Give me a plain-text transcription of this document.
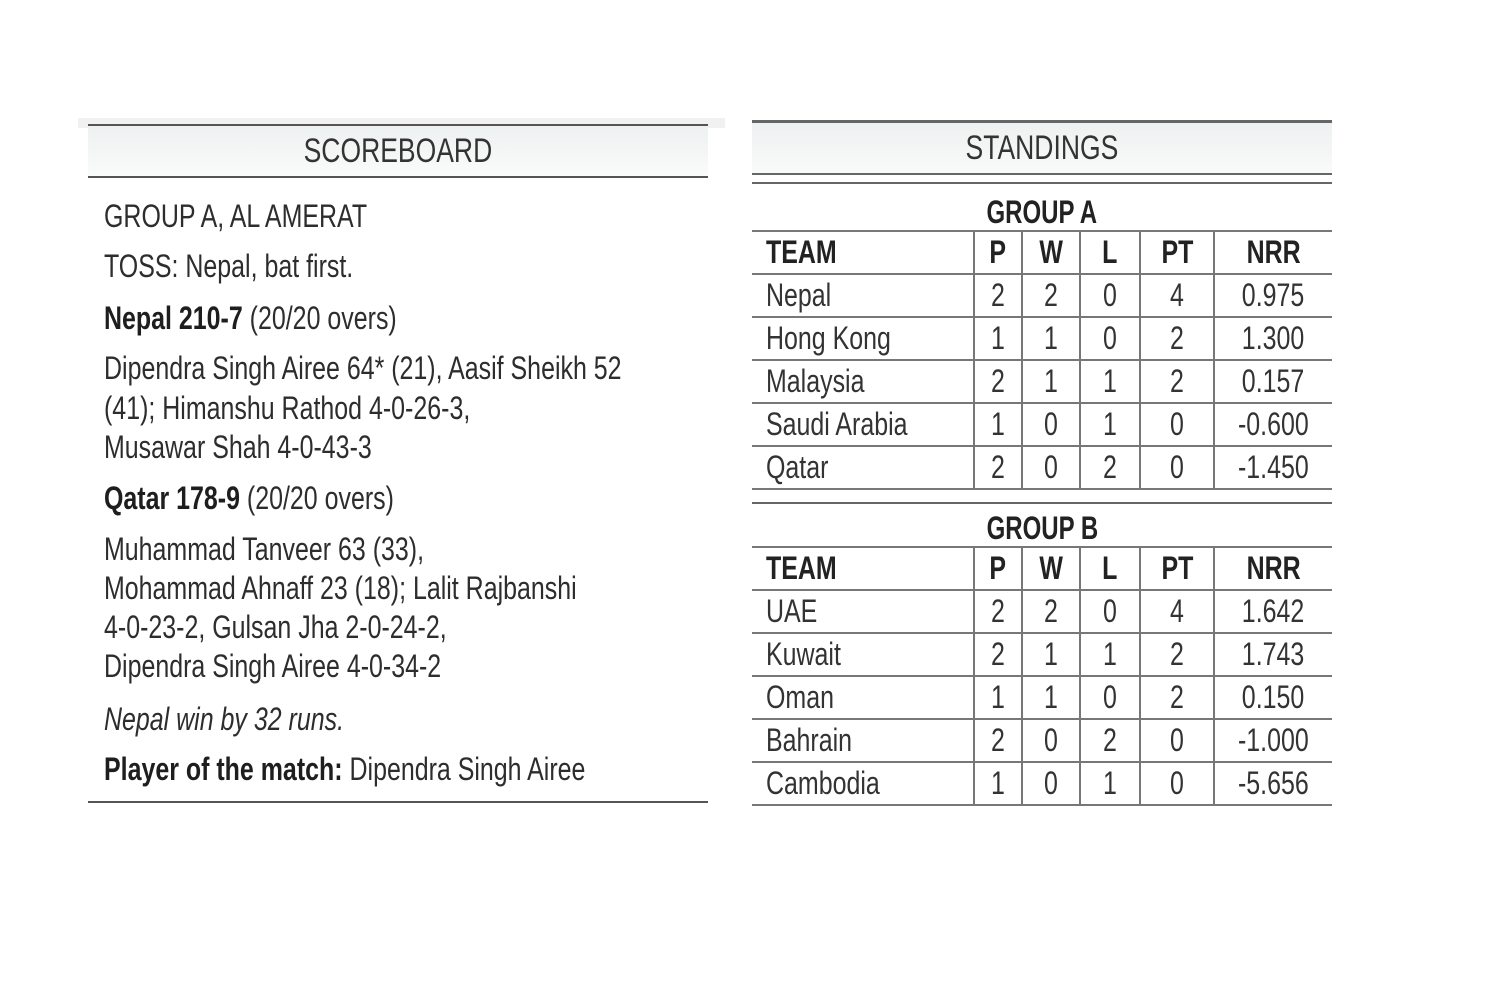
SCOREBOARD
GROUP A, AL AMERAT
TOSS: Nepal, bat first.
Nepal 210-7 (20/20 overs)
Dipendra Singh Airee 64* (21), Aasif Sheikh 52
(41); Himanshu Rathod 4-0-26-3,
Musawar Shah 4-0-43-3
Qatar 178-9 (20/20 overs)
Muhammad Tanveer 63 (33),
Mohammad Ahnaff 23 (18); Lalit Rajbanshi
4-0-23-2, Gulsan Jha 2-0-24-2,
Dipendra Singh Airee 4-0-34-2
Nepal win by 32 runs.
Player of the match: Dipendra Singh Airee
STANDINGS
GROUP A
TEAM	P	W	L	PT	NRR
Nepal	2	2	0	4	0.975
Hong Kong	1	1	0	2	1.300
Malaysia	2	1	1	2	0.157
Saudi Arabia	1	0	1	0	-0.600
Qatar	2	0	2	0	-1.450
GROUP B
TEAM	P	W	L	PT	NRR
UAE	2	2	0	4	1.642
Kuwait	2	1	1	2	1.743
Oman	1	1	0	2	0.150
Bahrain	2	0	2	0	-1.000
Cambodia	1	0	1	0	-5.656
